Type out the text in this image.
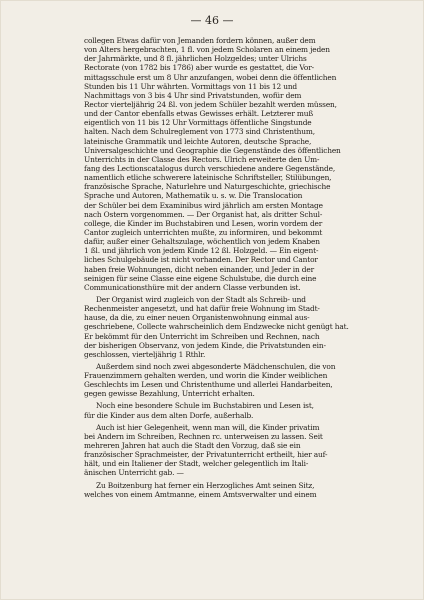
— 46 —
collegen Etwas dafür von Jemanden fordern können, außer dem
von Alters hergebrachten, 1 fl. von jedem Scholaren an einem jeden
der Jahrmärkte, und 8 fl. jährlichen Holzgeldes; unter Ulrichs
Rectorate (von 1782 bis 1786) aber wurde es gestattet, die Vor-
mittagsschule erst um 8 Uhr anzufangen, wobei denn die öffentlichen
Stunden bis 11 Uhr währten. Vormittags von 11 bis 12 und
Nachmittags von 3 bis 4 Uhr sind Privatstunden, wofür dem
Rector vierteljährig 24 ßl. von jedem Schüler bezahlt werden müssen,
und der Cantor ebenfalls etwas Gewisses erhält. Letzterer muß
eigentlich von 11 bis 12 Uhr Vormittags öffentliche Singstunde
halten. Nach dem Schulreglement von 1773 sind Christenthum,
lateinische Grammatik und leichte Autoren, deutsche Sprache,
Universalgeschichte und Geographie die Gegenstände des öffentlichen
Unterrichts in der Classe des Rectors. Ulrich erweiterte den Um-
fang des Lectionscatalogus durch verschiedene andere Gegenstände,
namentlich etliche schwerere lateinische Schriftsteller, Stilübungen,
französische Sprache, Naturlehre und Naturgeschichte, griechische
Sprache und Autoren, Mathematik u. s. w. Die Translocation
der Schüler bei dem Examinibus wird jährlich am ersten Montage
nach Ostern vorgenommen. — Der Organist hat, als dritter Schul-
college, die Kinder im Buchstabiren und Lesen, worin vordem der
Cantor zugleich unterrichten mußte, zu informiren, und bekommt
dafür, außer einer Gehaltszulage, wöchentlich von jedem Knaben
1 ßl. und jährlich von jedem Kinde 12 ßl. Holzgeld. — Ein eigent-
liches Schulgebäude ist nicht vorhanden. Der Rector und Cantor
haben freie Wohnungen, dicht neben einander, und Jeder in der
seinigen für seine Classe eine eigene Schulstube, die durch eine
Communicationsthüre mit der andern Classe verbunden ist.
Der Organist wird zugleich von der Stadt als Schreib- und
Rechenmeister angesetzt, und hat dafür freie Wohnung im Stadt-
hause, da die, zu einer neuen Organistenwohnung einmal aus-
geschriebene, Collecte wahrscheinlich dem Endzwecke nicht genügt hat.
Er bekömmt für den Unterricht im Schreiben und Rechnen, nach
der bisherigen Observanz, von jedem Kinde, die Privatstunden ein-
geschlossen, vierteljährig 1 Rthlr.
Außerdem sind noch zwei abgesonderte Mädchenschulen, die von
Frauenzimmern gehalten werden, und worin die Kinder weiblichen
Geschlechts im Lesen und Christenthume und allerlei Handarbeiten,
gegen gewisse Bezahlung, Unterricht erhalten.
Noch eine besondere Schule im Buchstabiren und Lesen ist,
für die Kinder aus dem alten Dorfe, außerhalb.
Auch ist hier Gelegenheit, wenn man will, die Kinder privatim
bei Andern im Schreiben, Rechnen rc. unterweisen zu lassen. Seit
mehreren Jahren hat auch die Stadt den Vorzug, daß sie ein
französischer Sprachmeister, der Privatunterricht ertheilt, hier auf-
hält, und ein Italiener der Stadt, welcher gelegentlich im Itali-
änischen Unterricht gab. —
Zu Boitzenburg hat ferner ein Herzogliches Amt seinen Sitz,
welches von einem Amtmanne, einem Amtsverwalter und einem
